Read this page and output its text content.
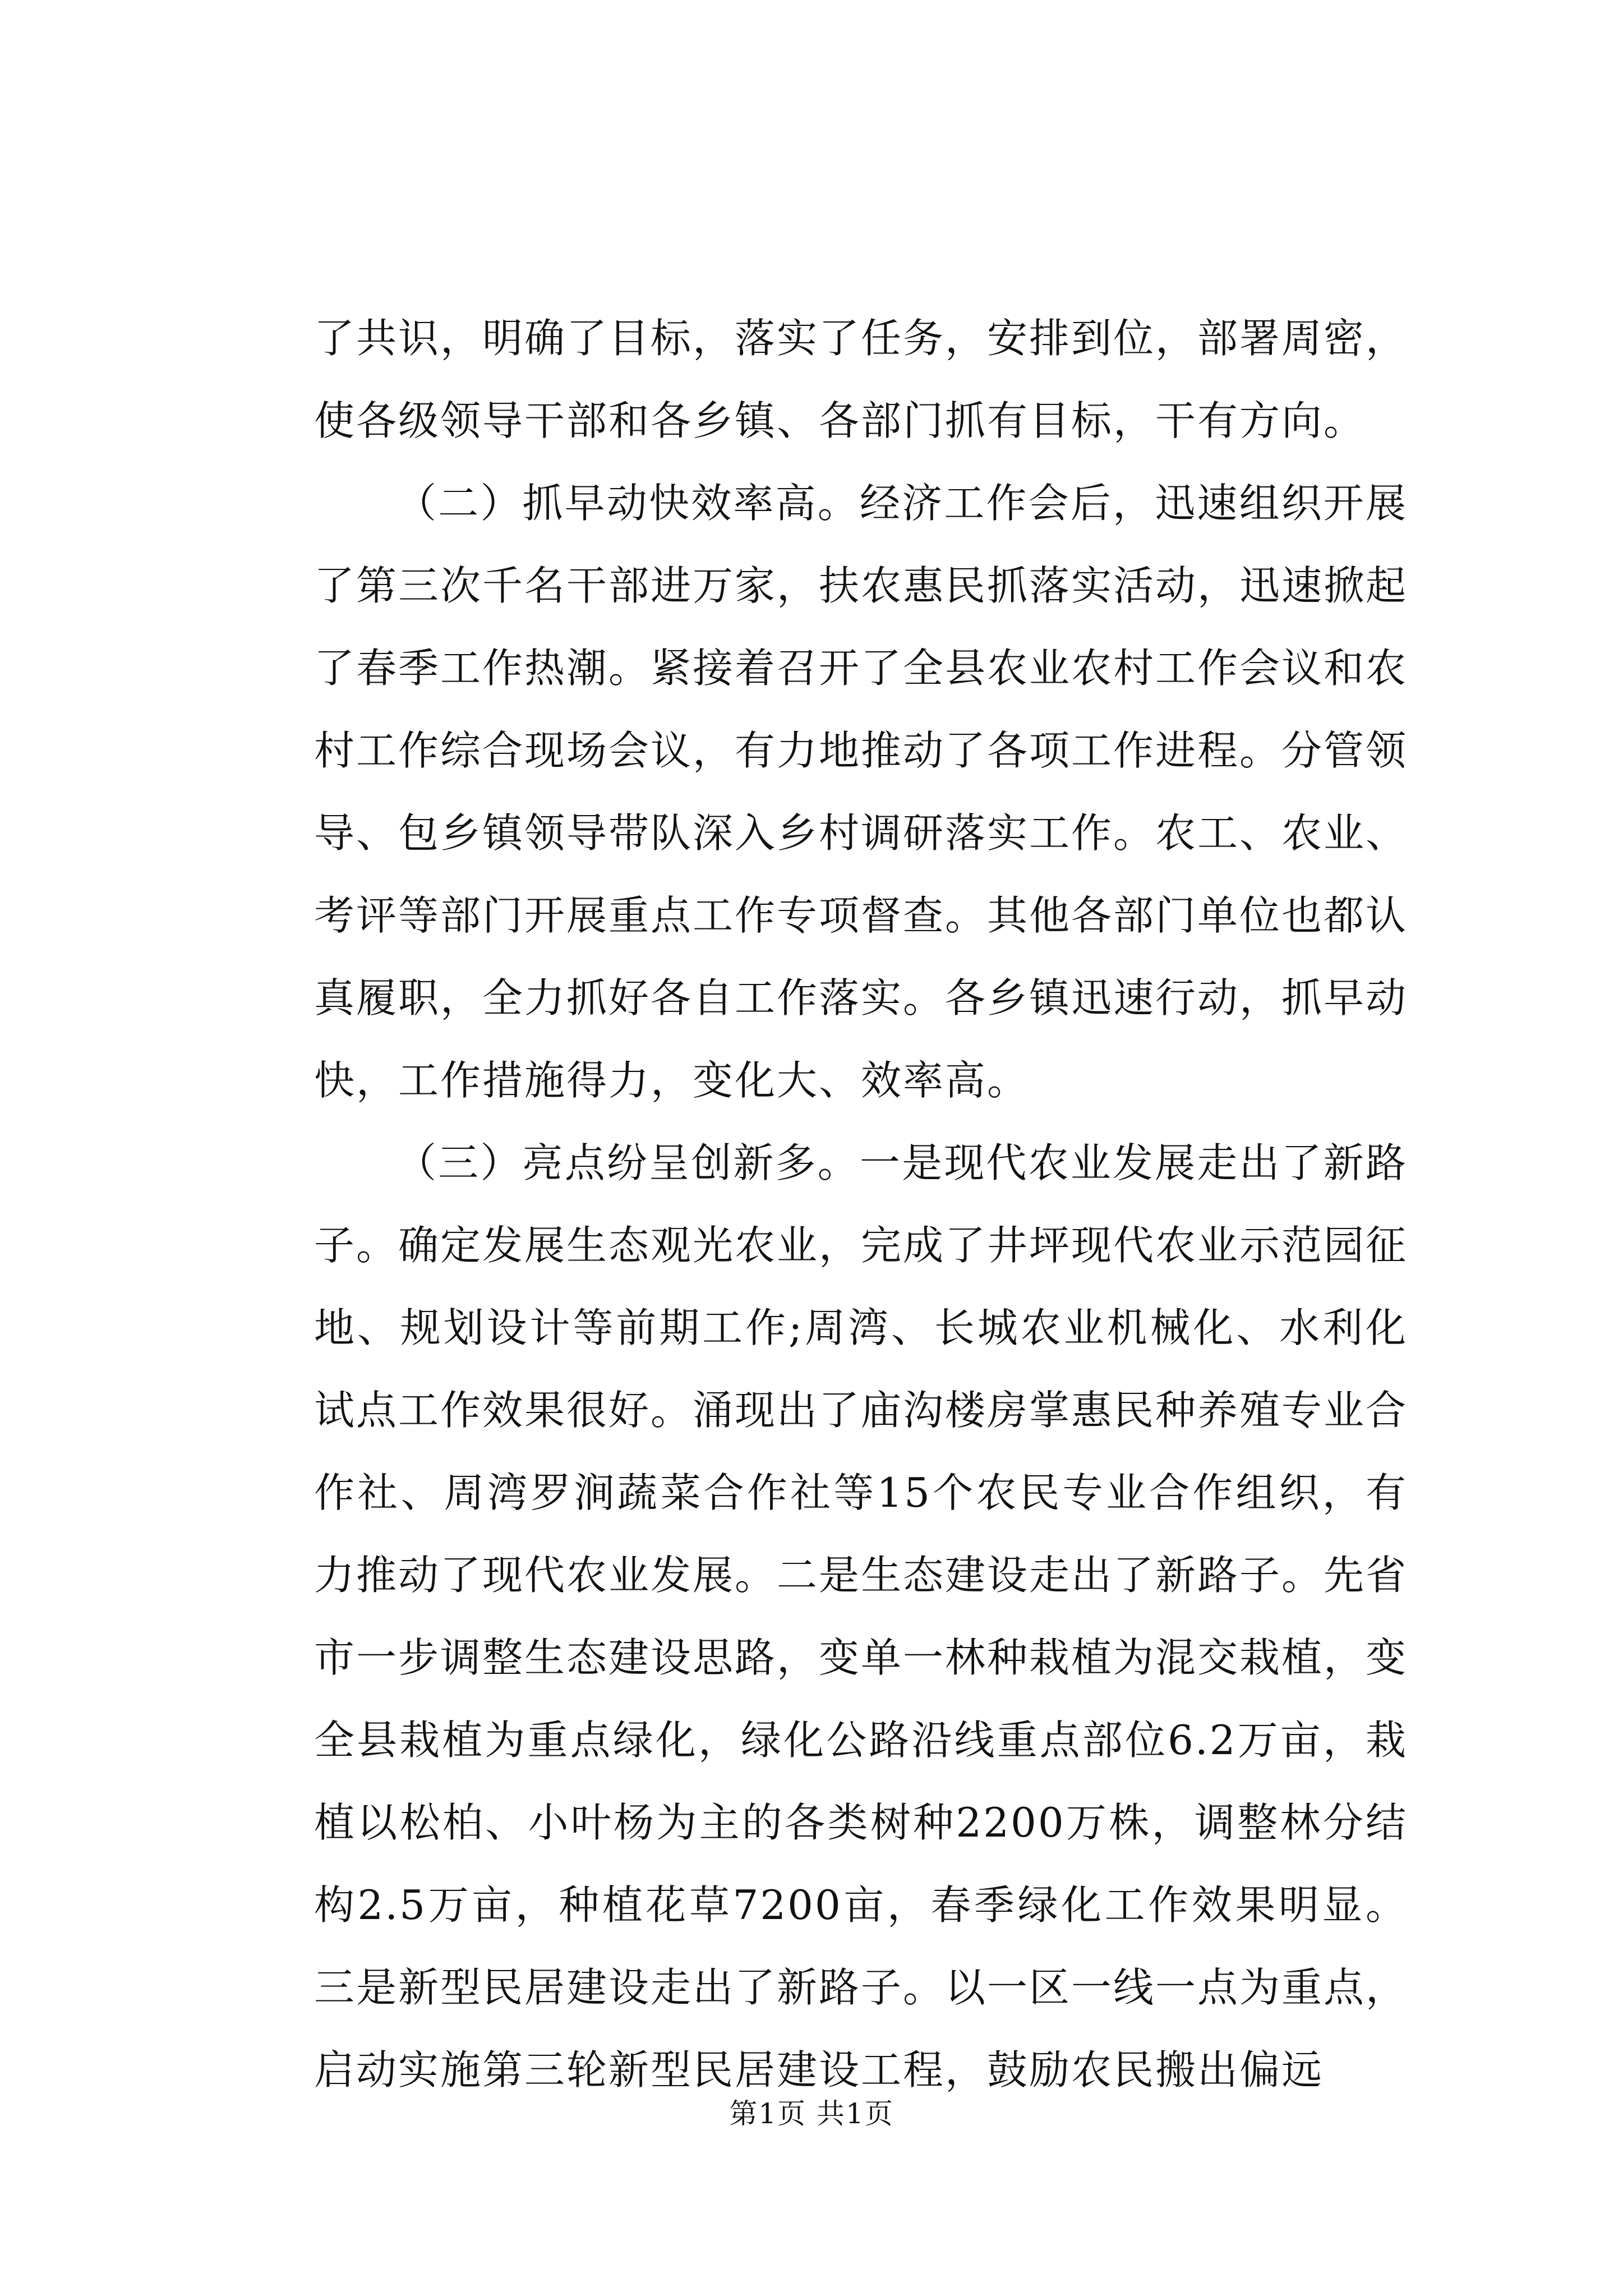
了共识，明确了目标，落实了任务，安排到位，部署周密，使各级领导干部和各乡镇、各部门抓有目标，干有方向。

（二）抓早动快效率高。经济工作会后，迅速组织开展了第三次千名干部进万家，扶农惠民抓落实活动，迅速掀起了春季工作热潮。紧接着召开了全县农业农村工作会议和农村工作综合现场会议，有力地推动了各项工作进程。分管领导、包乡镇领导带队深入乡村调研落实工作。农工、农业、考评等部门开展重点工作专项督查。其他各部门单位也都认真履职，全力抓好各自工作落实。各乡镇迅速行动，抓早动快，工作措施得力，变化大、效率高。

（三）亮点纷呈创新多。一是现代农业发展走出了新路子。确定发展生态观光农业，完成了井坪现代农业示范园征地、规划设计等前期工作;周湾、长城农业机械化、水利化试点工作效果很好。涌现出了庙沟楼房掌惠民种养殖专业合作社、周湾罗涧蔬菜合作社等15个农民专业合作组织，有力推动了现代农业发展。二是生态建设走出了新路子。先省市一步调整生态建设思路，变单一林种栽植为混交栽植，变全县栽植为重点绿化，绿化公路沿线重点部位6.2万亩，栽植以松柏、小叶杨为主的各类树种2200万株，调整林分结构2.5万亩，种植花草7200亩，春季绿化工作效果明显。三是新型民居建设走出了新路子。以一区一线一点为重点，启动实施第三轮新型民居建设工程，鼓励农民搬出偏远

第1页 共1页
